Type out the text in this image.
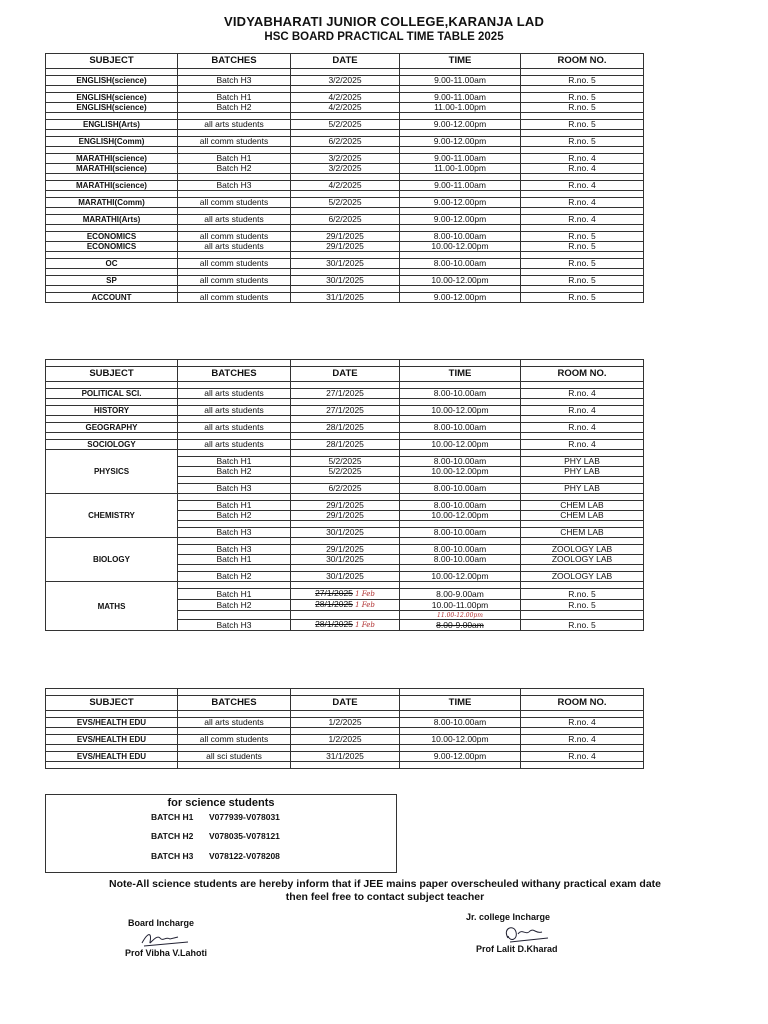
VIDYABHARATI JUNIOR COLLEGE,KARANJA LAD
HSC BOARD PRACTICAL TIME TABLE 2025
SUBJECT	BATCHES	DATE	TIME	ROOM NO.

ENGLISH(science)	Batch H3	3/2/2025	9.00-11.00am	R.no. 5

ENGLISH(science)	Batch H1	4/2/2025	9.00-11.00am	R.no. 5
ENGLISH(science)	Batch H2	4/2/2025	11.00-1.00pm	R.no. 5

ENGLISH(Arts)	all arts students	5/2/2025	9.00-12.00pm	R.no. 5

ENGLISH(Comm)	all comm students	6/2/2025	9.00-12.00pm	R.no. 5

MARATHI(science)	Batch H1	3/2/2025	9.00-11.00am	R.no. 4
MARATHI(science)	Batch H2	3/2/2025	11.00-1.00pm	R.no. 4

MARATHI(science)	Batch H3	4/2/2025	9.00-11.00am	R.no. 4

MARATHI(Comm)	all comm students	5/2/2025	9.00-12.00pm	R.no. 4

MARATHI(Arts)	all arts students	6/2/2025	9.00-12.00pm	R.no. 4

ECONOMICS	all comm students	29/1/2025	8.00-10.00am	R.no. 5
ECONOMICS	all arts students	29/1/2025	10.00-12.00pm	R.no. 5

OC	all comm students	30/1/2025	8.00-10.00am	R.no. 5

SP	all comm students	30/1/2025	10.00-12.00pm	R.no. 5

ACCOUNT	all comm students	31/1/2025	9.00-12.00pm	R.no. 5

SUBJECT	BATCHES	DATE	TIME	ROOM NO.

POLITICAL SCI.	all arts students	27/1/2025	8.00-10.00am	R.no. 4

HISTORY	all arts students	27/1/2025	10.00-12.00pm	R.no. 4

GEOGRAPHY	all arts students	28/1/2025	8.00-10.00am	R.no. 4

SOCIOLOGY	all arts students	28/1/2025	10.00-12.00pm	R.no. 4
PHYSICS				
	Batch H1	5/2/2025	8.00-10.00am	PHY LAB
	Batch H2	5/2/2025	10.00-12.00pm	PHY LAB

	Batch H3	6/2/2025	8.00-10.00am	PHY LAB
CHEMISTRY				
	Batch H1	29/1/2025	8.00-10.00am	CHEM LAB
	Batch H2	29/1/2025	10.00-12.00pm	CHEM LAB

	Batch H3	30/1/2025	8.00-10.00am	CHEM LAB
BIOLOGY				
	Batch H3	29/1/2025	8.00-10.00am	ZOOLOGY LAB
	Batch H1	30/1/2025	8.00-10.00am	ZOOLOGY LAB

	Batch H2	30/1/2025	10.00-12.00pm	ZOOLOGY LAB
MATHS				
	Batch H1	27/1/2025 1 Feb	8.00-9.00am	R.no. 5
	Batch H2	28/1/2025 1 Feb	10.00-11.00pm	R.no. 5
			11.00-12.00pm	
	Batch H3	28/1/2025 1 Feb	8.00-9.00am	R.no. 5

SUBJECT	BATCHES	DATE	TIME	ROOM NO.

EVS/HEALTH EDU	all arts students	1/2/2025	8.00-10.00am	R.no. 4

EVS/HEALTH EDU	all comm students	1/2/2025	10.00-12.00pm	R.no. 4

EVS/HEALTH EDU	all sci students	31/1/2025	9.00-12.00pm	R.no. 4

for science students
BATCH H1 V077939-V078031
BATCH H2 V078035-V078121
BATCH H3 V078122-V078208
Note-All science students are hereby inform that if JEE mains paper overscheuled withany practical exam date
then feel free to contact subject teacher
Board Incharge
Prof Vibha V.Lahoti
Jr. college Incharge
Prof Lalit D.Kharad
